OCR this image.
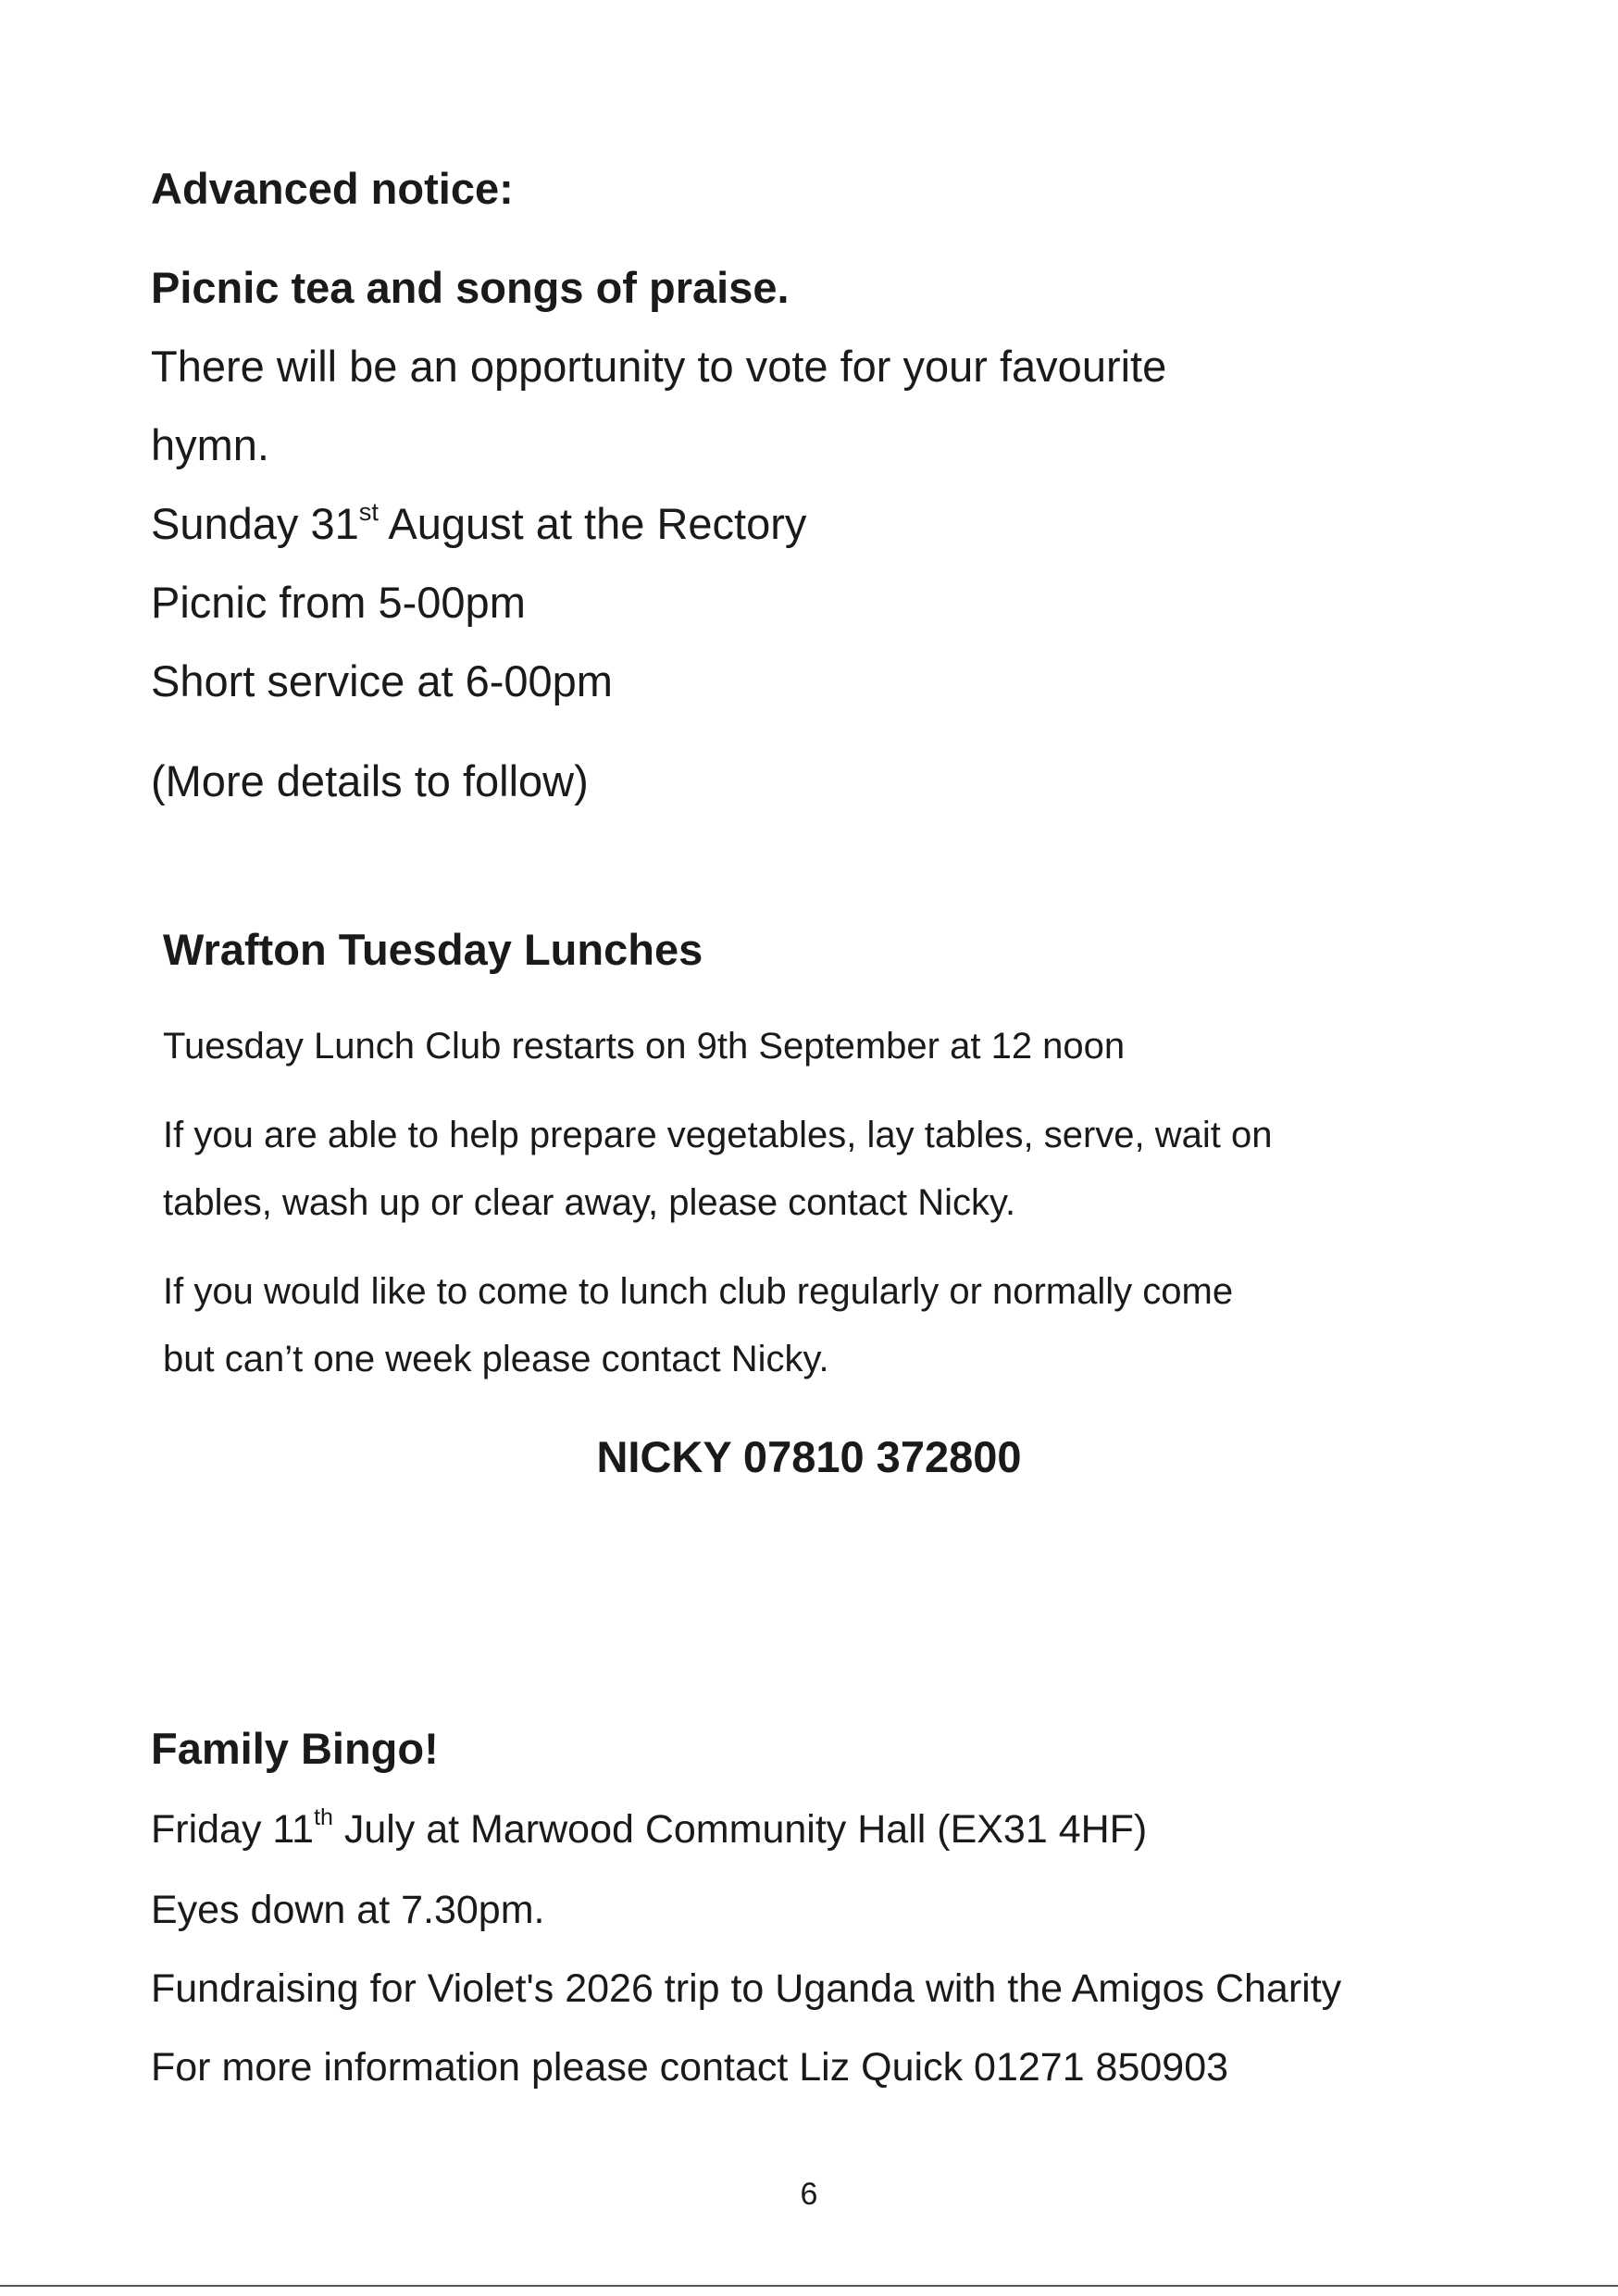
Advanced notice:
Picnic tea and songs of praise.
There will be an opportunity to vote for your favourite
hymn.
Sunday 31st August at the Rectory
Picnic from 5-00pm
Short service at 6-00pm
(More details to follow)
Wrafton Tuesday Lunches
Tuesday Lunch Club restarts on 9th September at 12 noon
If you are able to help prepare vegetables, lay tables, serve, wait on
tables, wash up or clear away, please contact Nicky.
If you would like to come to lunch club regularly or normally come
but can’t one week please contact Nicky.
NICKY 07810 372800
Family Bingo!
Friday 11th July at Marwood Community Hall (EX31 4HF)
Eyes down at 7.30pm.
Fundraising for Violet's 2026 trip to Uganda with the Amigos Charity
For more information please contact Liz Quick 01271 850903
6
